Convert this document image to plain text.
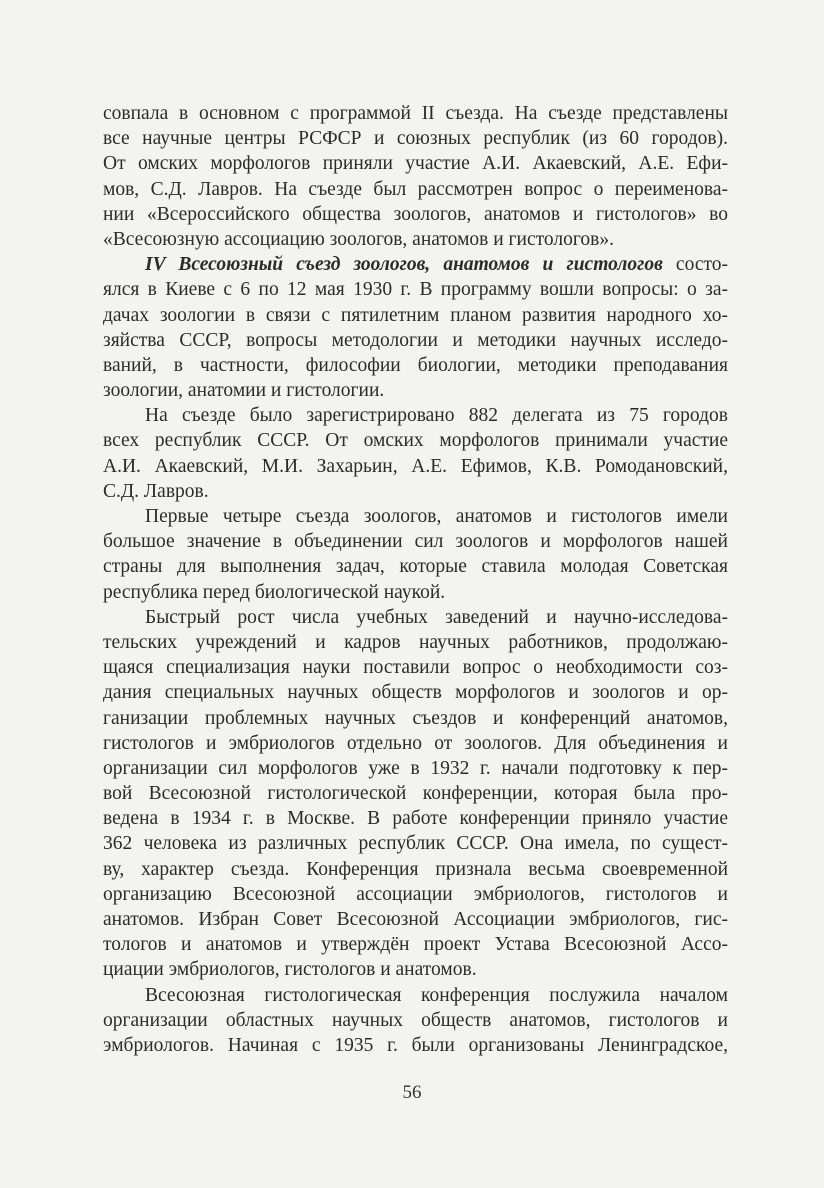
совпала в основном с программой II съезда. На съезде представлены
все научные центры РСФСР и союзных республик (из 60 городов).
От омских морфологов приняли участие А.И. Акаевский, А.Е. Ефи-
мов, С.Д. Лавров. На съезде был рассмотрен вопрос о переименова-
нии «Всероссийского общества зоологов, анатомов и гистологов» во
«Всесоюзную ассоциацию зоологов, анатомов и гистологов».
IV Всесоюзный съезд зоологов, анатомов и гистологов состо-
ялся в Киеве с 6 по 12 мая 1930 г. В программу вошли вопросы: о за-
дачах зоологии в связи с пятилетним планом развития народного хо-
зяйства СССР, вопросы методологии и методики научных исследо-
ваний, в частности, философии биологии, методики преподавания
зоологии, анатомии и гистологии.
На съезде было зарегистрировано 882 делегата из 75 городов
всех республик СССР. От омских морфологов принимали участие
А.И. Акаевский, М.И. Захарьин, А.Е. Ефимов, К.В. Ромодановский,
С.Д. Лавров.
Первые четыре съезда зоологов, анатомов и гистологов имели
большое значение в объединении сил зоологов и морфологов нашей
страны для выполнения задач, которые ставила молодая Советская
республика перед биологической наукой.
Быстрый рост числа учебных заведений и научно-исследова-
тельских учреждений и кадров научных работников, продолжаю-
щаяся специализация науки поставили вопрос о необходимости соз-
дания специальных научных обществ морфологов и зоологов и ор-
ганизации проблемных научных съездов и конференций анатомов,
гистологов и эмбриологов отдельно от зоологов. Для объединения и
организации сил морфологов уже в 1932 г. начали подготовку к пер-
вой Всесоюзной гистологической конференции, которая была про-
ведена в 1934 г. в Москве. В работе конференции приняло участие
362 человека из различных республик СССР. Она имела, по сущест-
ву, характер съезда. Конференция признала весьма своевременной
организацию Всесоюзной ассоциации эмбриологов, гистологов и
анатомов. Избран Совет Всесоюзной Ассоциации эмбриологов, гис-
тологов и анатомов и утверждён проект Устава Всесоюзной Ассо-
циации эмбриологов, гистологов и анатомов.
Всесоюзная гистологическая конференция послужила началом
организации областных научных обществ анатомов, гистологов и
эмбриологов. Начиная с 1935 г. были организованы Ленинградское,
56
